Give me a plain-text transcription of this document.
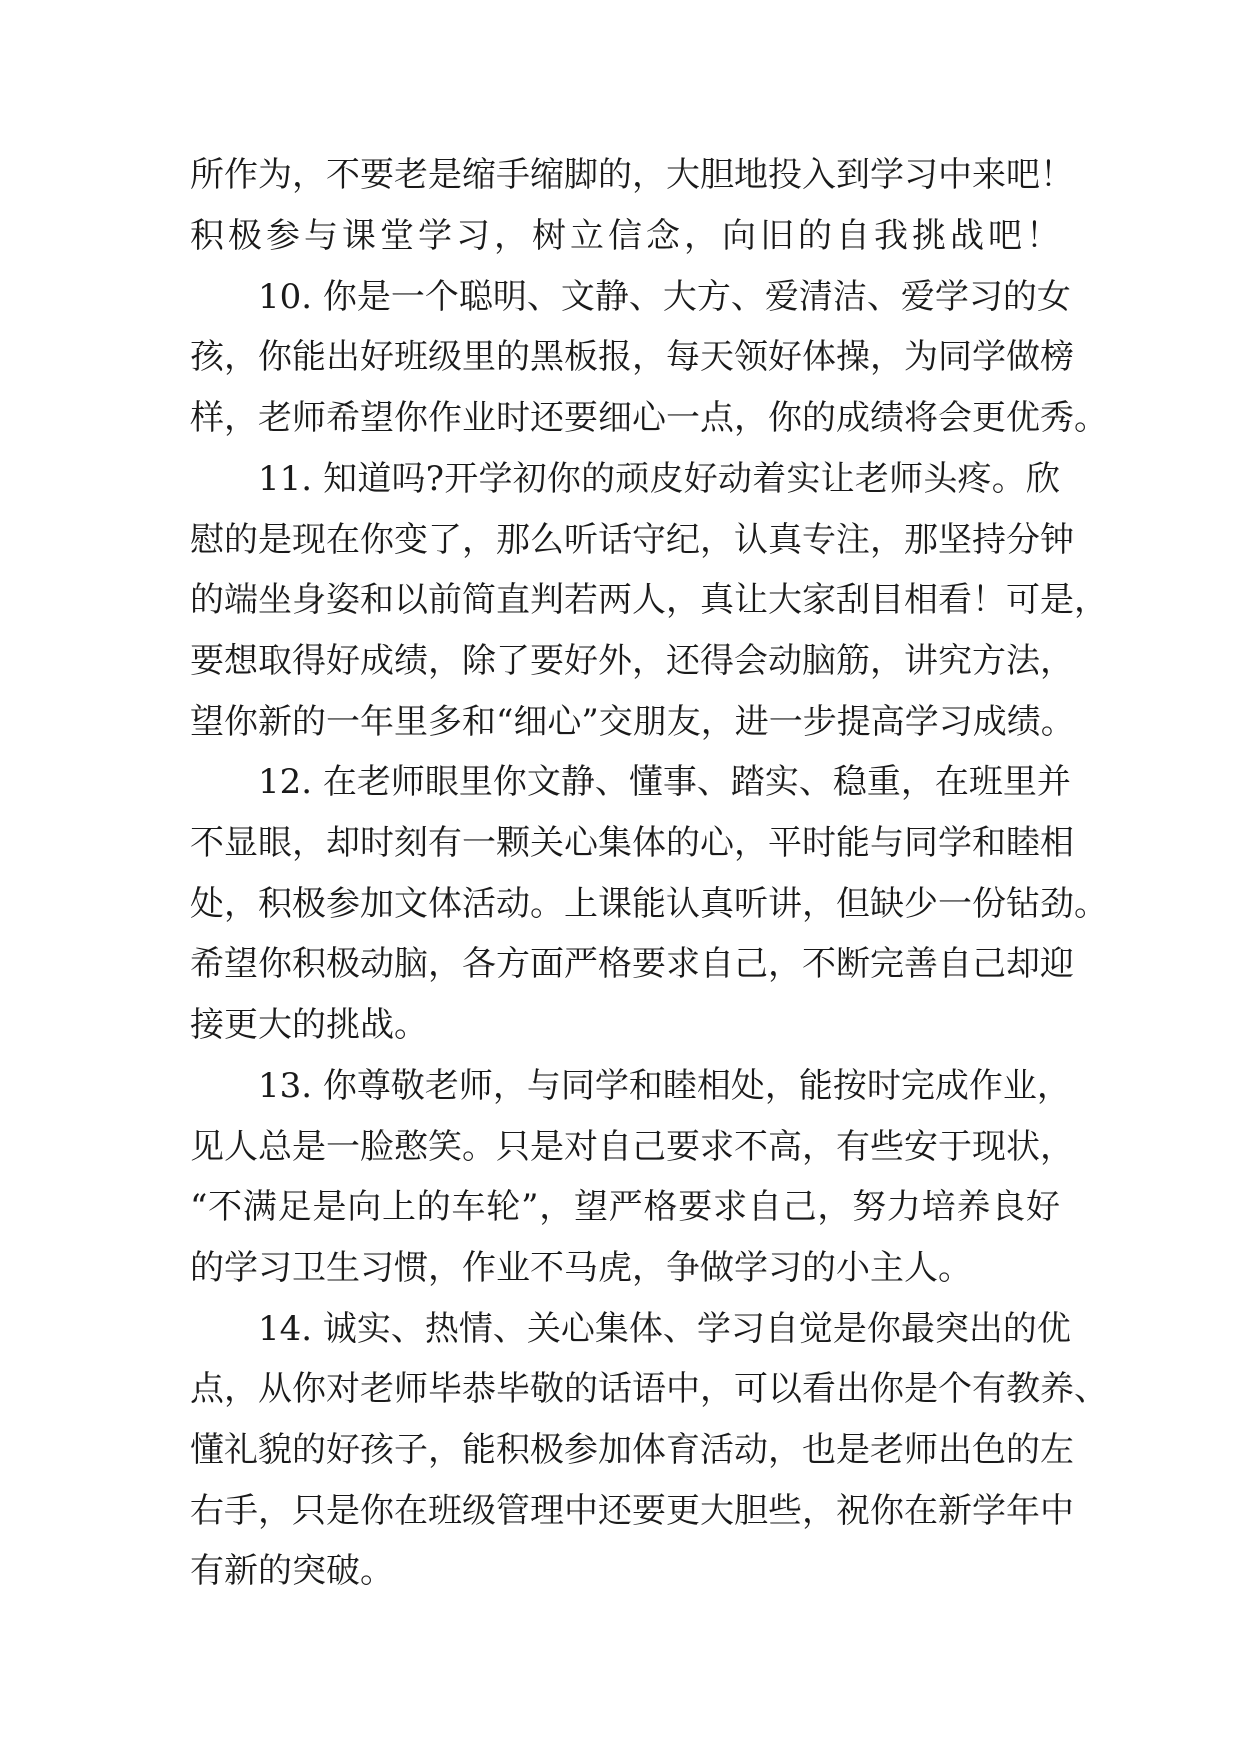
所作为，不要老是缩手缩脚的，大胆地投入到学习中来吧！
积极参与课堂学习，树立信念，向旧的自我挑战吧！
10. 你是一个聪明、文静、大方、爱清洁、爱学习的女
孩，你能出好班级里的黑板报，每天领好体操，为同学做榜
样，老师希望你作业时还要细心一点，你的成绩将会更优秀。
11. 知道吗?开学初你的顽皮好动着实让老师头疼。欣
慰的是现在你变了，那么听话守纪，认真专注，那坚持分钟
的端坐身姿和以前简直判若两人，真让大家刮目相看！可是，
要想取得好成绩，除了要好外，还得会动脑筋，讲究方法，
望你新的一年里多和“细心”交朋友，进一步提高学习成绩。
12. 在老师眼里你文静、懂事、踏实、稳重，在班里并
不显眼，却时刻有一颗关心集体的心，平时能与同学和睦相
处，积极参加文体活动。上课能认真听讲，但缺少一份钻劲。
希望你积极动脑，各方面严格要求自己，不断完善自己却迎
接更大的挑战。
13. 你尊敬老师，与同学和睦相处，能按时完成作业，
见人总是一脸憨笑。只是对自己要求不高，有些安于现状，
“不满足是向上的车轮”，望严格要求自己，努力培养良好
的学习卫生习惯，作业不马虎，争做学习的小主人。
14. 诚实、热情、关心集体、学习自觉是你最突出的优
点，从你对老师毕恭毕敬的话语中，可以看出你是个有教养、
懂礼貌的好孩子，能积极参加体育活动，也是老师出色的左
右手，只是你在班级管理中还要更大胆些，祝你在新学年中
有新的突破。
